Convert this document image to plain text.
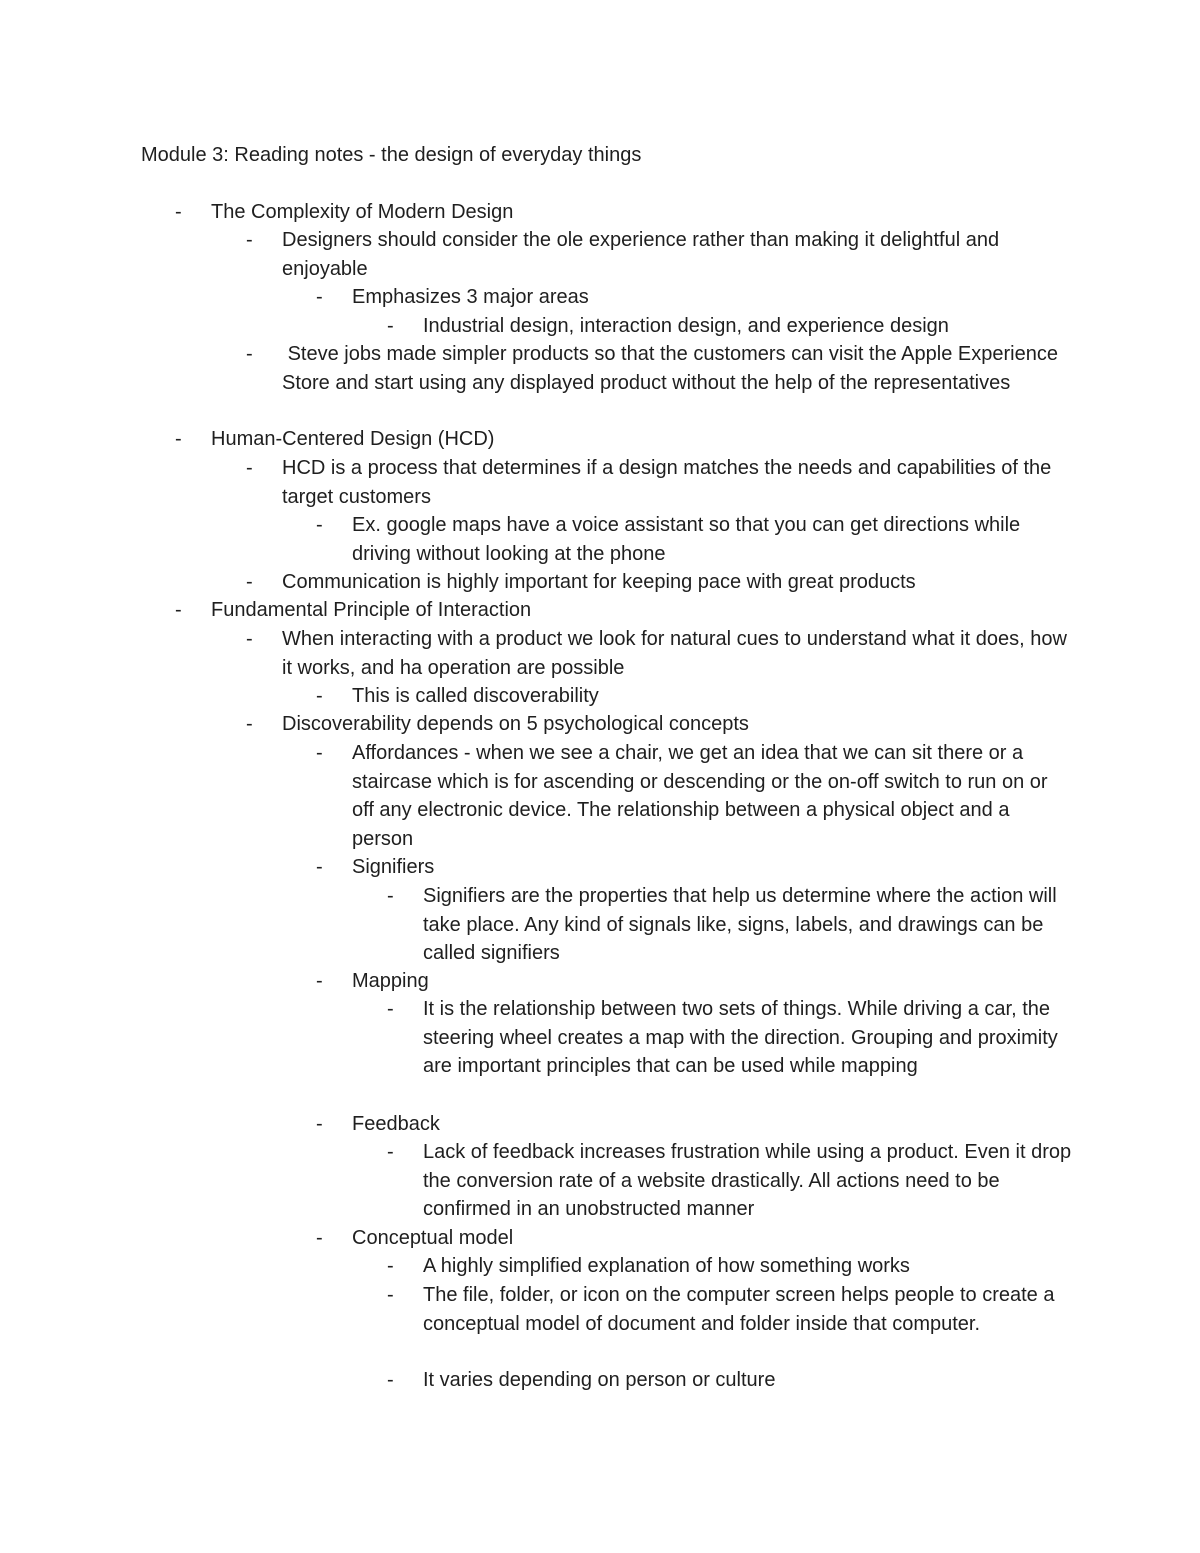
Module 3: Reading notes - the design of everyday things
- The Complexity of Modern Design
- Designers should consider the ole experience rather than making it delightful and enjoyable
- Emphasizes 3 major areas
- Industrial design, interaction design, and experience design
- Steve jobs made simpler products so that the customers can visit the Apple Experience Store and start using any displayed product without the help of the representatives
- Human-Centered Design (HCD)
- HCD is a process that determines if a design matches the needs and capabilities of the target customers
- Ex. google maps have a voice assistant so that you can get directions while driving without looking at the phone
- Communication is highly important for keeping pace with great products
- Fundamental Principle of Interaction
- When interacting with a product we look for natural cues to understand what it does, how it works, and ha operation are possible
- This is called discoverability
- Discoverability depends on 5 psychological concepts
- Affordances - when we see a chair, we get an idea that we can sit there or a staircase which is for ascending or descending or the on-off switch to run on or off any electronic device. The relationship between a physical object and a person
- Signifiers
- Signifiers are the properties that help us determine where the action will take place. Any kind of signals like, signs, labels, and drawings can be called signifiers
- Mapping
- It is the relationship between two sets of things. While driving a car, the steering wheel creates a map with the direction. Grouping and proximity are important principles that can be used while mapping
- Feedback
- Lack of feedback increases frustration while using a product. Even it drop the conversion rate of a website drastically. All actions need to be confirmed in an unobstructed manner
- Conceptual model
- A highly simplified explanation of how something works
- The file, folder, or icon on the computer screen helps people to create a conceptual model of document and folder inside that computer.
- It varies depending on person or culture
